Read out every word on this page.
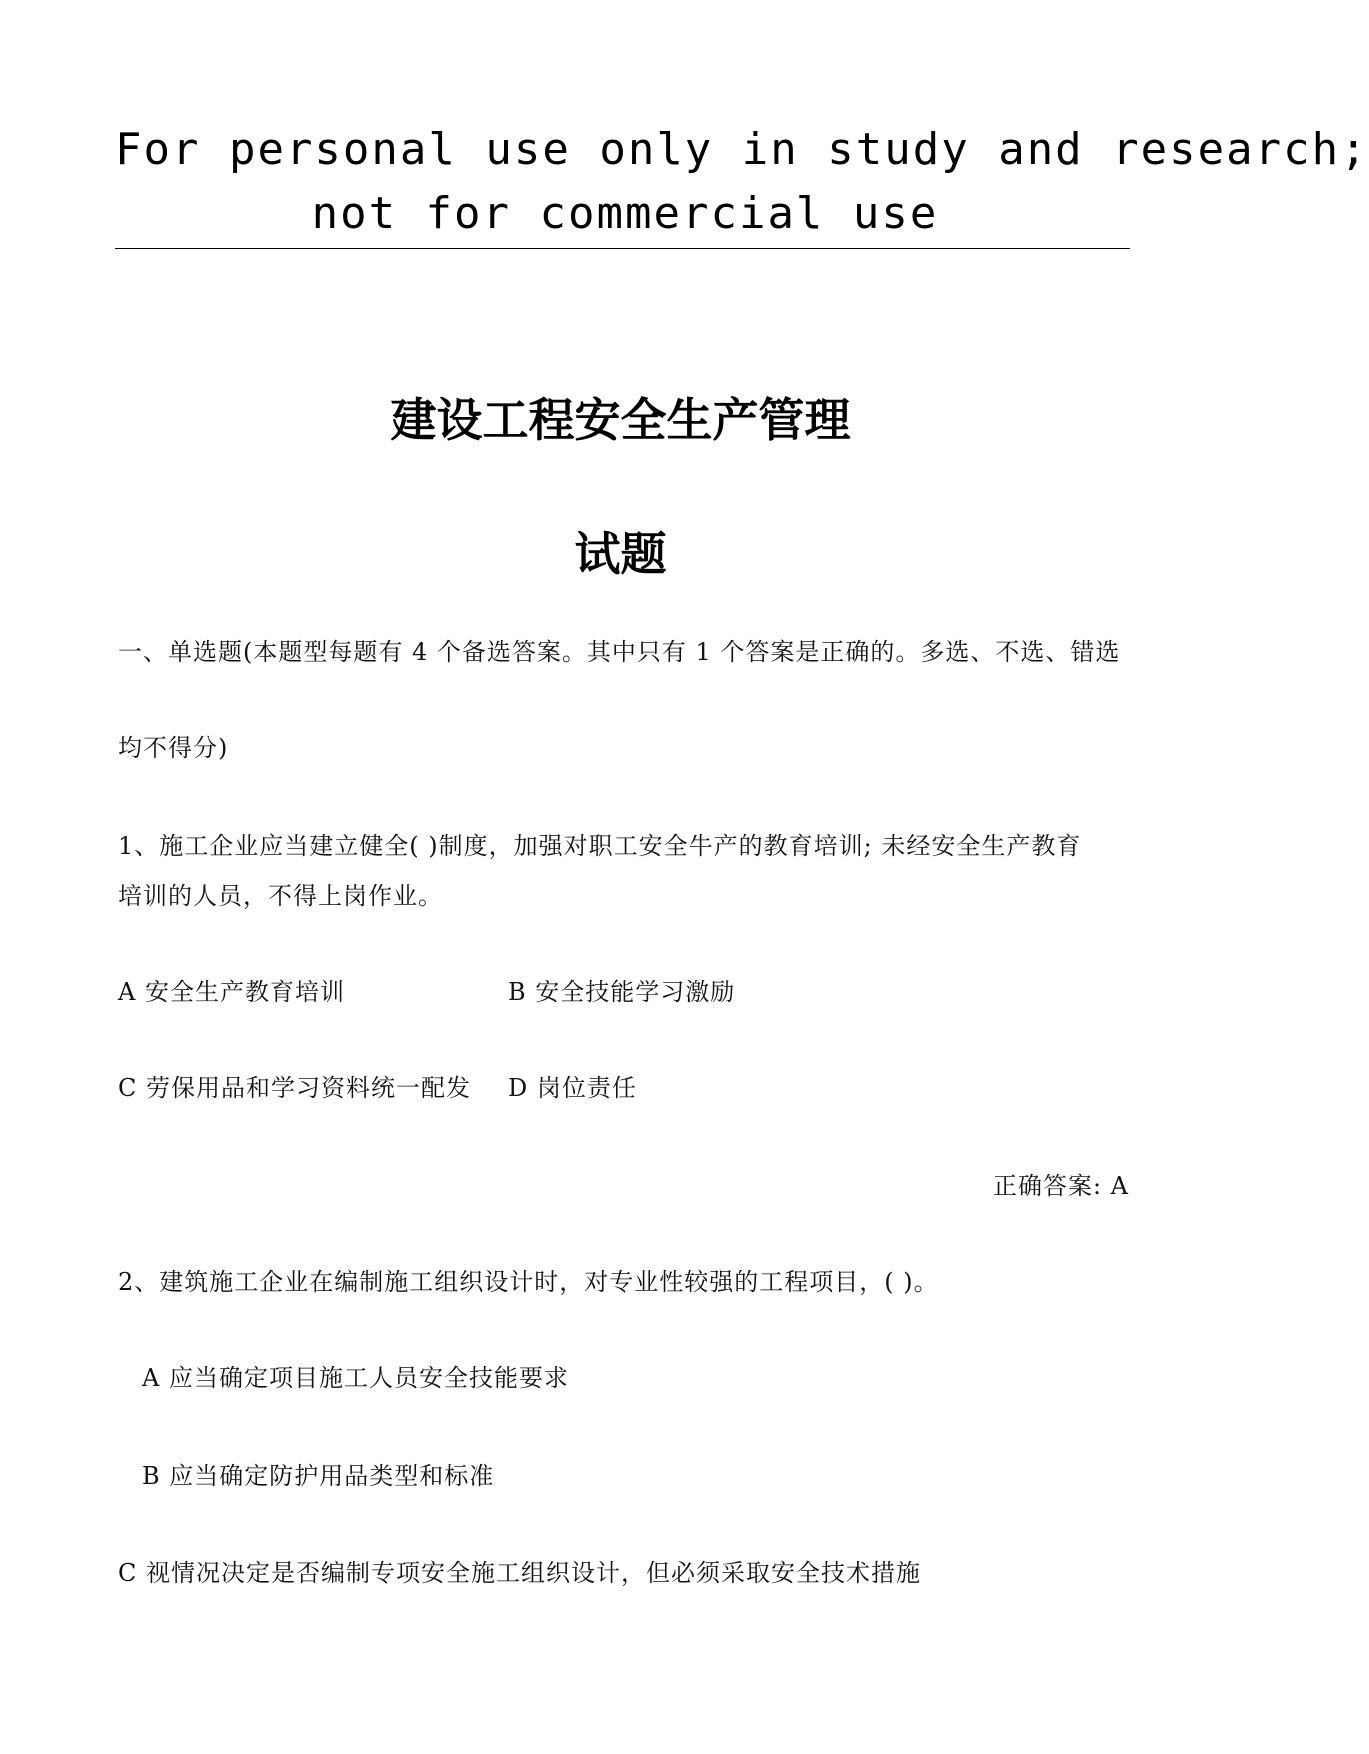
For personal use only in study and research;
not for commercial use
建设工程安全生产管理
试题
一、单选题(本题型每题有 4 个备选答案。其中只有 1 个答案是正确的。多选、不选、错选
均不得分)
1、施工企业应当建立健全( )制度，加强对职工安全牛产的教育培训; 未经安全生产教育
培训的人员，不得上岗作业。
A 安全生产教育培训	B 安全技能学习激励
C 劳保用品和学习资料统一配发 D 岗位责任
正确答案: A
2、建筑施工企业在编制施工组织设计时，对专业性较强的工程项目，( )。
A 应当确定项目施工人员安全技能要求
B 应当确定防护用品类型和标准
C 视情况决定是否编制专项安全施工组织设计，但必须采取安全技术措施
